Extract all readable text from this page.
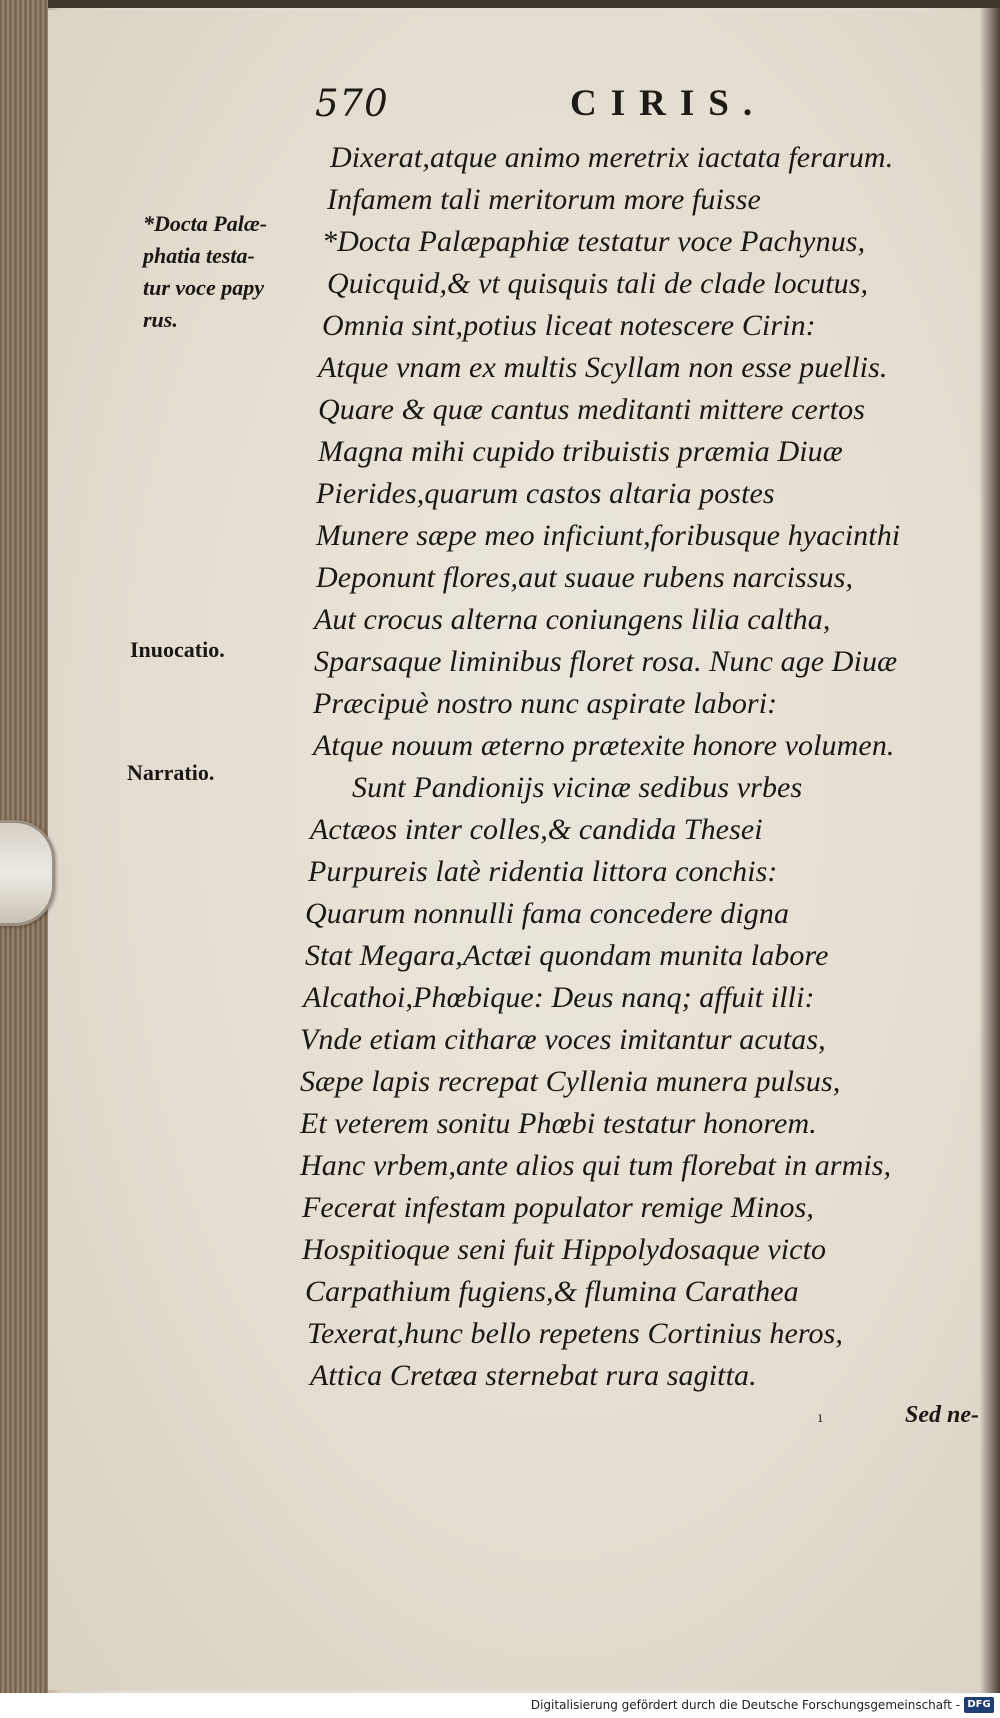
570	CIRIS.
*Docta Palæ-
phatia testa-
tur voce papy
rus.
Inuocatio.
Narratio.
Dixerat,atque animo meretrix iactata ferarum.
Infamem tali meritorum more fuisse
*Docta Palæpaphiæ testatur voce Pachynus,
Quicquid,& vt quisquis tali de clade locutus,
Omnia sint,potius liceat notescere Cirin:
Atque vnam ex multis Scyllam non esse puellis.
Quare & quæ cantus meditanti mittere certos
Magna mihi cupido tribuistis præmia Diuæ
Pierides,quarum castos altaria postes
Munere sæpe meo inficiunt,foribusque hyacinthi
Deponunt flores,aut suaue rubens narcissus,
Aut crocus alterna coniungens lilia caltha,
Sparsaque liminibus floret rosa. Nunc age Diuæ
Præcipuè nostro nunc aspirate labori:
Atque nouum æterno prætexite honore volumen.
Sunt Pandionijs vicinæ sedibus vrbes
Actæos inter colles,& candida Thesei
Purpureis latè ridentia littora conchis:
Quarum nonnulli fama concedere digna
Stat Megara,Actæi quondam munita labore
Alcathoi,Phœbique: Deus nanq; affuit illi:
Vnde etiam citharæ voces imitantur acutas,
Sæpe lapis recrepat Cyllenia munera pulsus,
Et veterem sonitu Phœbi testatur honorem.
Hanc vrbem,ante alios qui tum florebat in armis,
Fecerat infestam populator remige Minos,
Hospitioque seni fuit Hippolydosaque victo
Carpathium fugiens,& flumina Carathea
Texerat,hunc bello repetens Cortinius heros,
Attica Cretæa sternebat rura sagitta.
ı	Sed ne-
Digitalisierung gefördert durch die Deutsche Forschungsgemeinschaft - DFG
